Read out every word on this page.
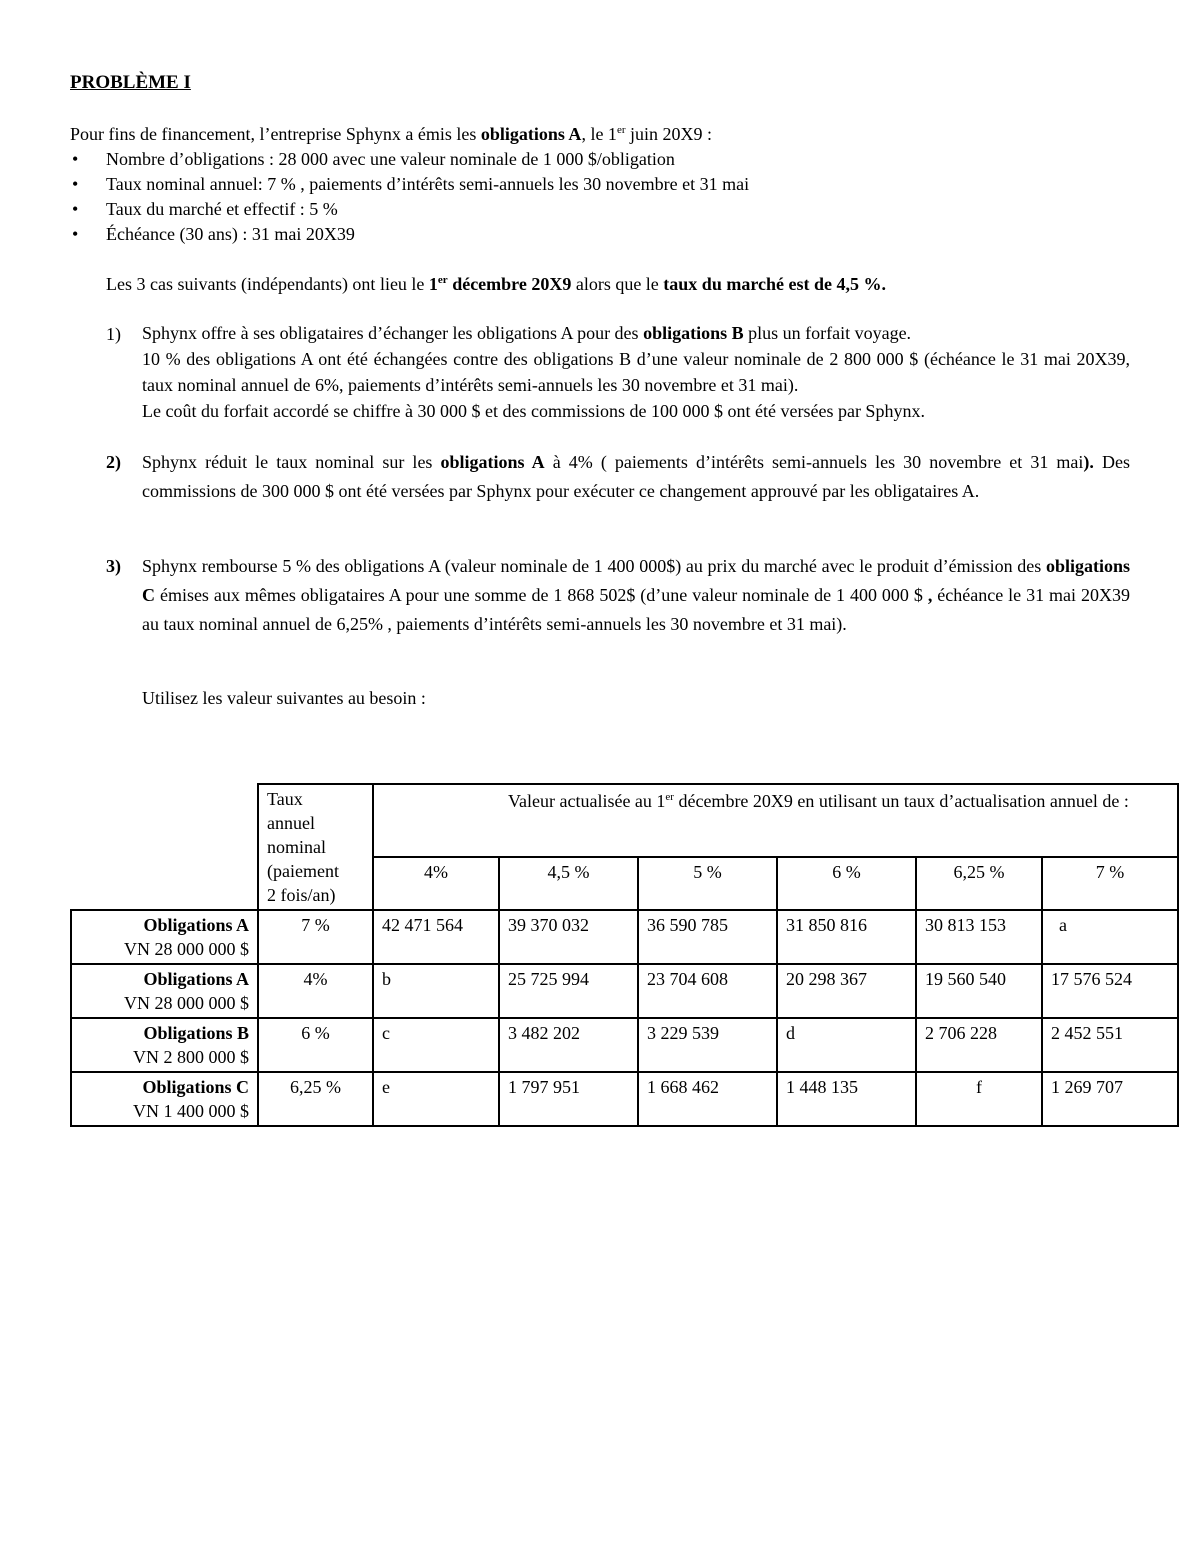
PROBLÈME I
Pour fins de financement, l’entreprise Sphynx a émis les obligations A, le 1er juin 20X9 :
• Nombre d’obligations : 28 000 avec une valeur nominale de 1 000 $/obligation
• Taux nominal annuel: 7 % , paiements d’intérêts semi-annuels les 30 novembre et 31 mai
• Taux du marché et effectif : 5 %
• Échéance (30 ans) : 31 mai 20X39
Les 3 cas suivants (indépendants) ont lieu le 1er décembre 20X9 alors que le taux du marché est de 4,5 %.
1) Sphynx offre à ses obligataires d’échanger les obligations A pour des obligations B plus un forfait voyage.
10 % des obligations A ont été échangées contre des obligations B d’une valeur nominale de 2 800 000 $ (échéance le 31 mai 20X39, taux nominal annuel de 6%, paiements d’intérêts semi-annuels les 30 novembre et 31 mai).
Le coût du forfait accordé se chiffre à 30 000 $ et des commissions de 100 000 $ ont été versées par Sphynx.
2) Sphynx réduit le taux nominal sur les obligations A à 4% ( paiements d’intérêts semi-annuels les 30 novembre et 31 mai). Des commissions de 300 000 $ ont été versées par Sphynx pour exécuter ce changement approuvé par les obligataires A.
3) Sphynx rembourse 5 % des obligations A (valeur nominale de 1 400 000$) au prix du marché avec le produit d’émission des obligations C émises aux mêmes obligataires A pour une somme de 1 868 502$ (d’une valeur nominale de 1 400 000 $ , échéance le 31 mai 20X39 au taux nominal annuel de 6,25% , paiements d’intérêts semi-annuels les 30 novembre et 31 mai).
Utilisez les valeur suivantes au besoin :

	Taux
annuel
nominal
(paiement
2 fois/an)	Valeur actualisée au 1er décembre 20X9 en utilisant un taux d’actualisation annuel de :					
		4%	4,5 %	5 %	6 %	6,25 %	7 %

Obligations A
VN 28 000 000 $	7 %	42 471 564	39 370 032	36 590 785	31 850 816	30 813 153	a

Obligations A
VN 28 000 000 $	4%	b	25 725 994	23 704 608	20 298 367	19 560 540	17 576 524

Obligations B
VN 2 800 000 $	6 %	c	3 482 202	3 229 539	d	2 706 228	2 452 551

Obligations C
VN 1 400 000 $	6,25 %	e	1 797 951	1 668 462	1 448 135	f	1 269 707
